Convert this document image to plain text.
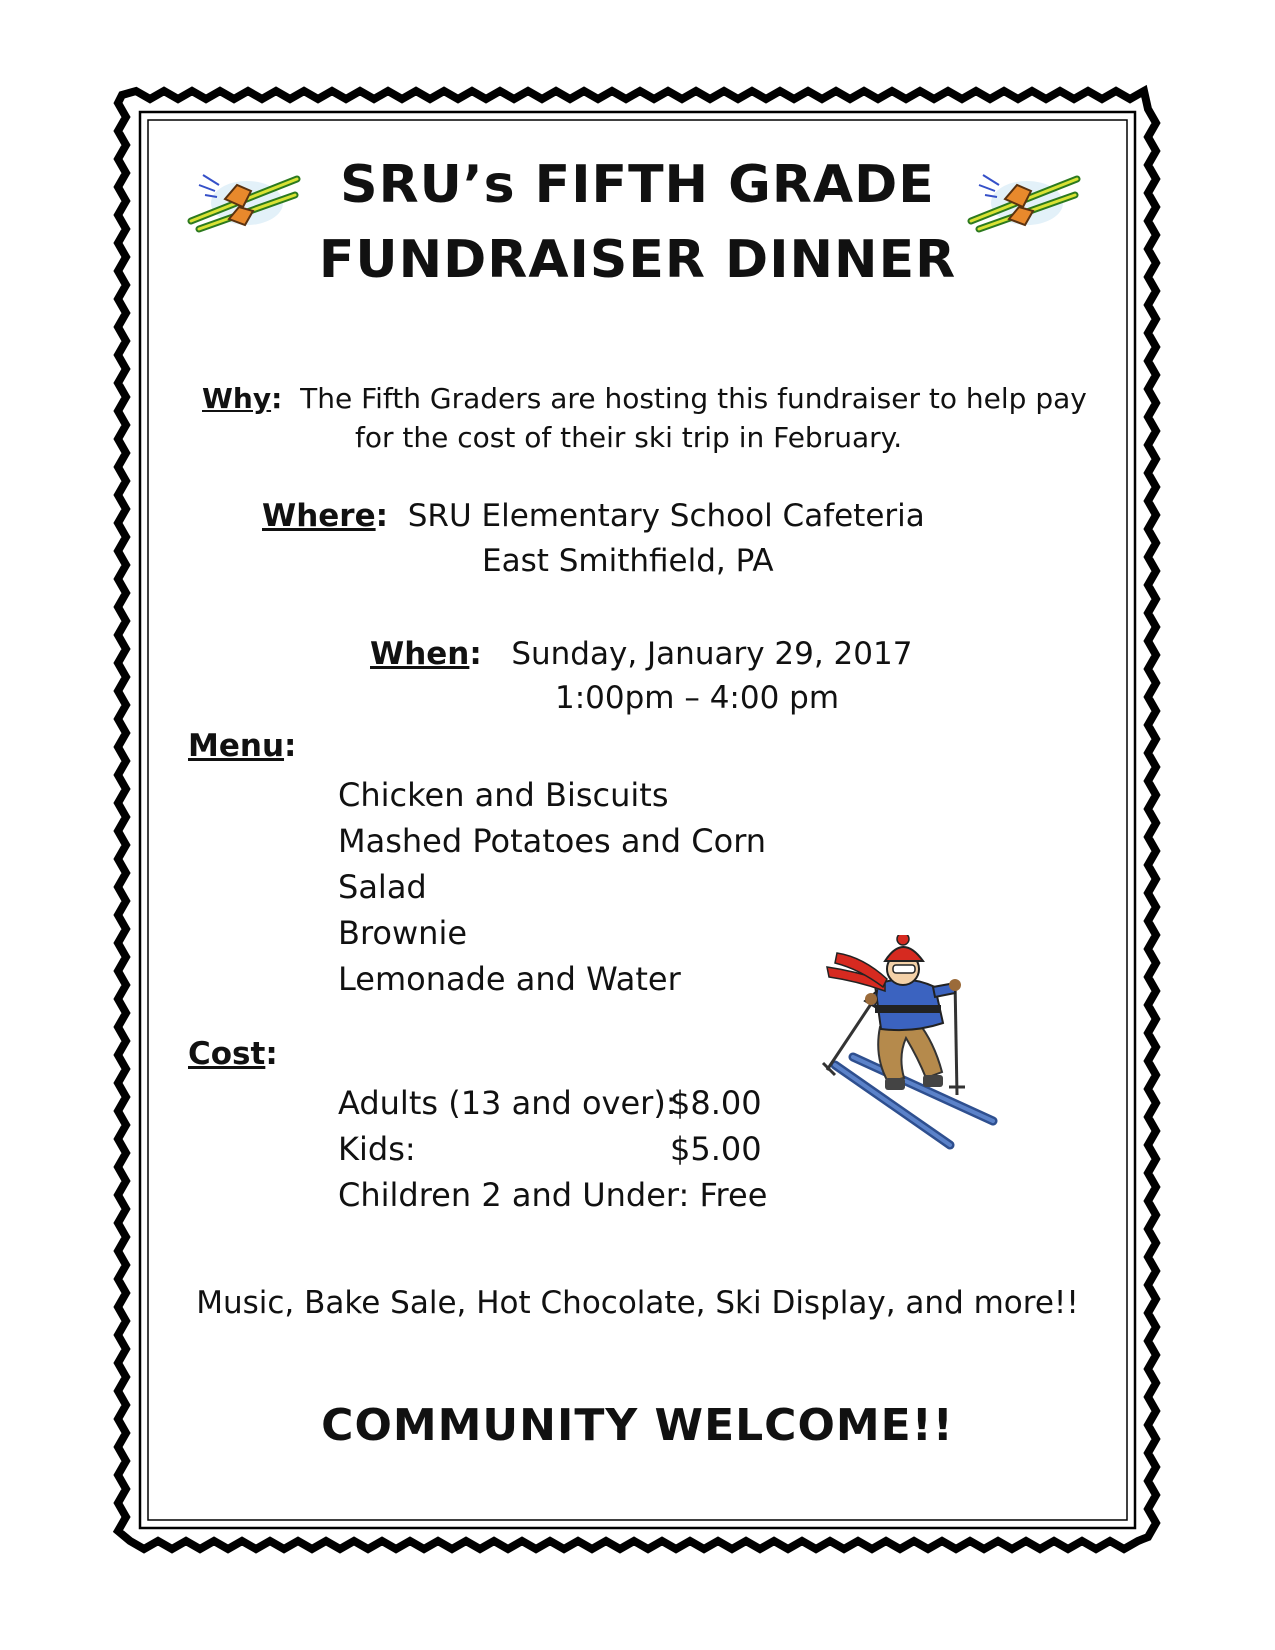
SRU’s FIFTH GRADE
FUNDRAISER DINNER
Why: The Fifth Graders are hosting this fundraiser to help pay
for the cost of their ski trip in February.
Where: SRU Elementary School Cafeteria
East Smithfield, PA
When: Sunday, January 29, 2017
1:00pm – 4:00 pm
Menu:
Chicken and Biscuits
Mashed Potatoes and Corn
Salad
Brownie
Lemonade and Water
Cost:
Adults (13 and over):
$8.00
Kids:	$5.00
Children 2 and Under: Free
Music, Bake Sale, Hot Chocolate, Ski Display, and more!!
COMMUNITY WELCOME!!
